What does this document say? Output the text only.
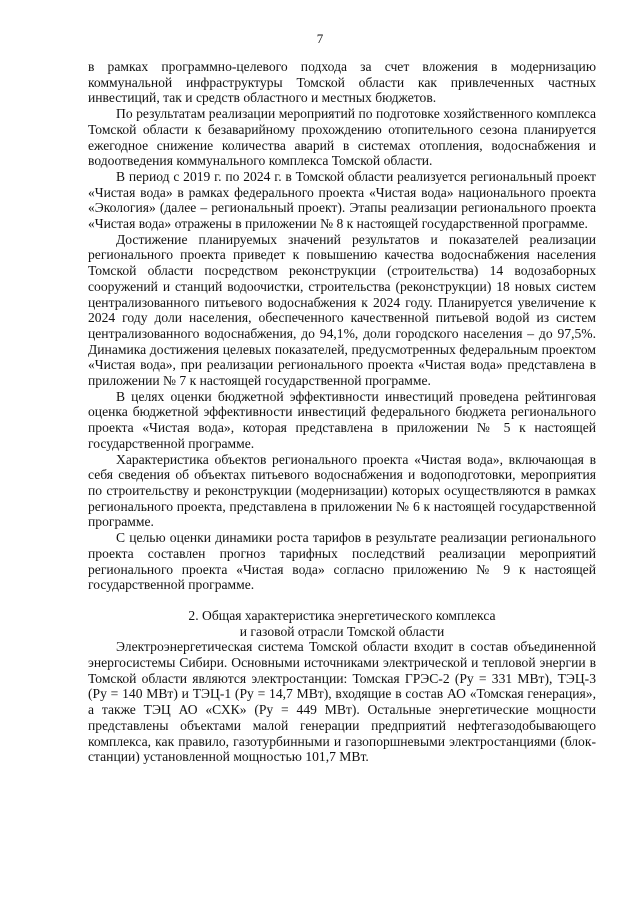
7

в рамках программно-целевого подхода за счет вложения в модернизацию коммунальной инфраструктуры Томской области как привлеченных частных инвестиций, так и средств областного и местных бюджетов.

По результатам реализации мероприятий по подготовке хозяйственного комплекса Томской области к безаварийному прохождению отопительного сезона планируется ежегодное снижение количества аварий в системах отопления, водоснабжения и водоотведения коммунального комплекса Томской области.

В период с 2019 г. по 2024 г. в Томской области реализуется региональный проект «Чистая вода» в рамках федерального проекта «Чистая вода» национального проекта «Экология» (далее – региональный проект). Этапы реализации регионального проекта «Чистая вода» отражены в приложении № 8 к настоящей государственной программе.

Достижение планируемых значений результатов и показателей реализации регионального проекта приведет к повышению качества водоснабжения населения Томской области посредством реконструкции (строительства) 14 водозаборных сооружений и станций водоочистки, строительства (реконструкции) 18 новых систем централизованного питьевого водоснабжения к 2024 году. Планируется увеличение к 2024 году доли населения, обеспеченного качественной питьевой водой из систем централизованного водоснабжения, до 94,1%, доли городского населения – до 97,5%. Динамика достижения целевых показателей, предусмотренных федеральным проектом «Чистая вода», при реализации регионального проекта «Чистая вода» представлена в приложении № 7 к настоящей государственной программе.

В целях оценки бюджетной эффективности инвестиций проведена рейтинговая оценка бюджетной эффективности инвестиций федерального бюджета регионального проекта «Чистая вода», которая представлена в приложении № 5 к настоящей государственной программе.

Характеристика объектов регионального проекта «Чистая вода», включающая в себя сведения об объектах питьевого водоснабжения и водоподготовки, мероприятия по строительству и реконструкции (модернизации) которых осуществляются в рамках регионального проекта, представлена в приложении № 6 к настоящей государственной программе.

С целью оценки динамики роста тарифов в результате реализации регионального проекта составлен прогноз тарифных последствий реализации мероприятий регионального проекта «Чистая вода» согласно приложению № 9 к настоящей государственной программе.

2. Общая характеристика энергетического комплекса
и газовой отрасли Томской области

Электроэнергетическая система Томской области входит в состав объединенной энергосистемы Сибири. Основными источниками электрической и тепловой энергии в Томской области являются электростанции: Томская ГРЭС-2 (Ру = 331 МВт), ТЭЦ-3 (Ру = 140 МВт) и ТЭЦ-1 (Ру = 14,7 МВт), входящие в состав АО «Томская генерация», а также ТЭЦ АО «СХК» (Ру = 449 МВт). Остальные энергетические мощности представлены объектами малой генерации предприятий нефтегазодобывающего комплекса, как правило, газотурбинными и газопоршневыми электростанциями (блок-станции) установленной мощностью 101,7 МВт.
